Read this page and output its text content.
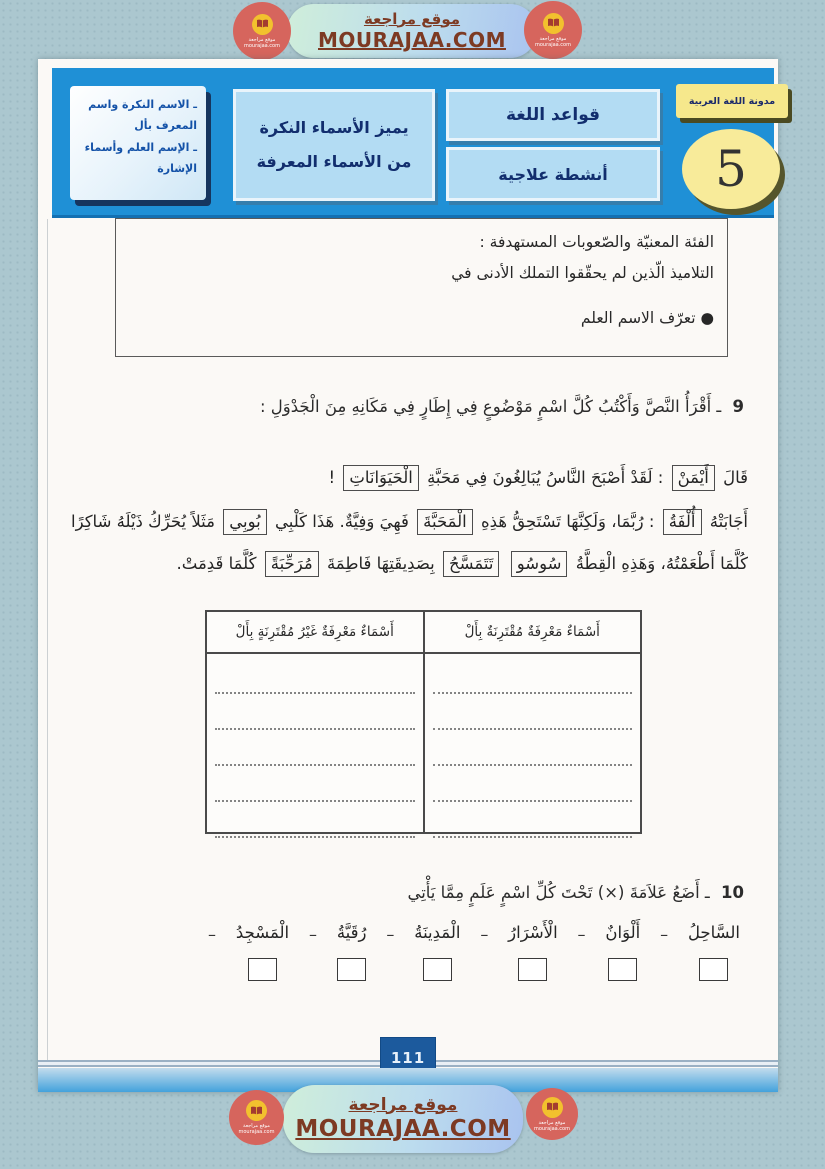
موقع مراجعة
MOURAJAA.COM
موقع مراجعة
mourajaa.com
موقع مراجعة
mourajaa.com
ـ الاسم النكرة واسم المعرف بأل
ـ الإسم العلم وأسماء الإشارة
يميز الأسماء النكرة
من الأسماء المعرفة
قواعد اللغة
أنشطة علاجية
مدونة اللغة العربية
5
الفئة المعنيّة والصّعوبات المستهدفة :
التلاميذ الّذين لم يحقّقوا التملك الأدنى في
● تعرّف الاسم العلم
9 ـ أَقْرَأُ النَّصَّ وَأَكْتُبُ كُلَّ اسْمٍ مَوْضُوعٍ فِي إِطَارٍ فِي مَكَانِهِ مِنَ الْجَدْوَلِ :

قَالَ أَيْمَنْ : لَقَدْ أَصْبَحَ النَّاسُ يُبَالِغُونَ فِي مَحَبَّةِ الْحَيَوَانَاتِ !

أَجَابَتْهُ أُلْفَةُ : رُبَّمَا، وَلَكِنَّهَا تَسْتَحِقُّ هَذِهِ الْمَحَبَّةَ فَهِيَ وَفِيَّةٌ. هَذَا كَلْبِي بُوبِي مَثَلاً يُحَرِّكُ ذَيْلَهُ شَاكِرًا كُلَّمَا أَطْعَمْتُهُ، وَهَذِهِ الْقِطَّةُ سُوسُو تَتَمَسَّحُ بِصَدِيقَتِهَا فَاطِمَةَ مُرَحِّبَةً كُلَّمَا قَدِمَتْ.

أَسْمَاءٌ مَعْرِفَةٌ مُقْتَرِنَةٌ بِأَلْ
أَسْمَاءٌ مَعْرِفَةٌ غَيْرُ مُقْتَرِنَةٍ بِأَلْ
10 ـ أَضَعُ عَلاَمَةَ (×) تَحْتَ كُلِّ اسْمٍ عَلَمٍ مِمَّا يَأْتِي
السَّاحِلُ
–
أَلْوَانٌ
–
الْأَسْرَارُ
–
الْمَدِينَةُ
–
رُقَيَّةُ
–
الْمَسْجِدُ
–
111
موقع مراجعة
MOURAJAA.COM
موقع مراجعة
mourajaa.com
موقع مراجعة
mourajaa.com
